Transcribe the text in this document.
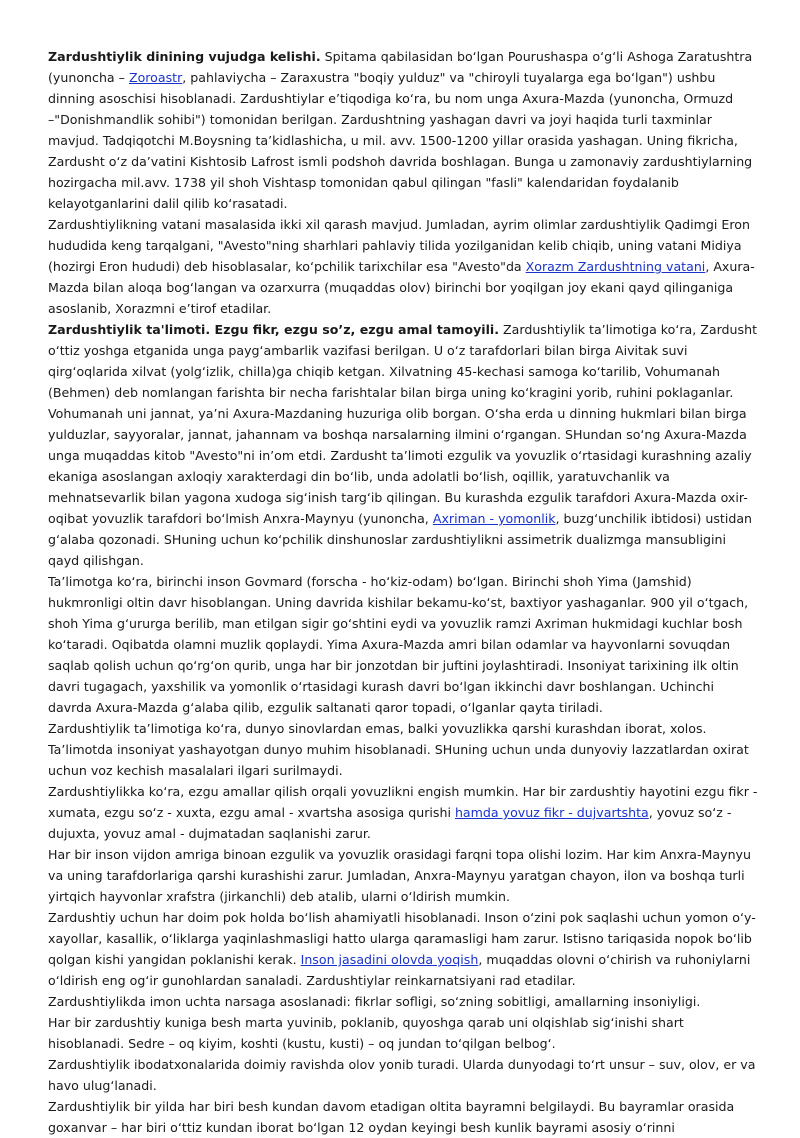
Zardushtiylik dinining vujudga kelishi. Spitama qabilasidan bo‘lgan Pourushaspa o‘g‘li Ashoga Zaratushtra (yunoncha – Zoroastr, pahlaviycha – Zaraxustra "boqiy yulduz" va "chiroyli tuyalarga ega bo‘lgan") ushbu dinning asoschisi hisoblanadi. Zardushtiylar e’tiqodiga ko‘ra, bu nom unga Axura-Mazda (yunoncha, Ormuzd –"Donishmandlik sohibi") tomonidan berilgan. Zardushtning yashagan davri va joyi haqida turli taxminlar mavjud. Tadqiqotchi M.Boysning ta’kidlashicha, u mil. avv. 1500-1200 yillar orasida yashagan. Uning fikricha, Zardusht o‘z da’vatini Kishtosib Lafrost ismli podshoh davrida boshlagan. Bunga u zamonaviy zardushtiylarning hozirgacha mil.avv. 1738 yil shoh Vishtasp tomonidan qabul qilingan "fasli" kalendaridan foydalanib kelayotganlarini dalil qilib ko‘rasatadi.

Zardushtiylikning vatani masalasida ikki xil qarash mavjud. Jumladan, ayrim olimlar zardushtiylik Qadimgi Eron hududida keng tarqalgani, "Avesto"ning sharhlari pahlaviy tilida yozilganidan kelib chiqib, uning vatani Midiya (hozirgi Eron hududi) deb hisoblasalar, ko‘pchilik tarixchilar esa "Avesto"da Xorazm Zardushtning vatani, Axura-Mazda bilan aloqa bog‘langan va ozarxurra (muqaddas olov) birinchi bor yoqilgan joy ekani qayd qilinganiga asoslanib, Xorazmni e’tirof etadilar.

Zardushtiylik ta'limoti. Ezgu fikr, ezgu so’z, ezgu amal tamoyili. Zardushtiylik ta’limotiga ko‘ra, Zardusht o‘ttiz yoshga etganida unga payg‘ambarlik vazifasi berilgan. U o‘z tarafdorlari bilan birga Aivitak suvi qirg‘oqlarida xilvat (yolg‘izlik, chilla)ga chiqib ketgan. Xilvatning 45-kechasi samoga ko‘tarilib, Vohumanah (Behmen) deb nomlangan farishta bir necha farishtalar bilan birga uning ko‘kragini yorib, ruhini poklaganlar. Vohumanah uni jannat, ya’ni Axura-Mazdaning huzuriga olib borgan. O‘sha erda u dinning hukmlari bilan birga yulduzlar, sayyoralar, jannat, jahannam va boshqa narsalarning ilmini o‘rgangan. SHundan so‘ng Axura-Mazda unga muqaddas kitob "Avesto"ni in’om etdi. Zardusht ta’limoti ezgulik va yovuzlik o‘rtasidagi kurashning azaliy ekaniga asoslangan axloqiy xarakterdagi din bo‘lib, unda adolatli bo‘lish, oqillik, yaratuvchanlik va mehnatsevarlik bilan yagona xudoga sig‘inish targ‘ib qilingan. Bu kurashda ezgulik tarafdori Axura-Mazda oxir-oqibat yovuzlik tarafdori bo‘lmish Anxra-Maynyu (yunoncha, Axriman - yomonlik, buzg‘unchilik ibtidosi) ustidan g‘alaba qozonadi. SHuning uchun ko‘pchilik dinshunoslar zardushtiylikni assimetrik dualizmga mansubligini qayd qilishgan.

Ta’limotga ko‘ra, birinchi inson Govmard (forscha - ho‘kiz-odam) bo‘lgan. Birinchi shoh Yima (Jamshid) hukmronligi oltin davr hisoblangan. Uning davrida kishilar bekamu-ko‘st, baxtiyor yashaganlar. 900 yil o‘tgach, shoh Yima g‘ururga berilib, man etilgan sigir go‘shtini eydi va yovuzlik ramzi Axriman hukmidagi kuchlar bosh ko‘taradi. Oqibatda olamni muzlik qoplaydi. Yima Axura-Mazda amri bilan odamlar va hayvonlarni sovuqdan saqlab qolish uchun qo‘rg‘on qurib, unga har bir jonzotdan bir juftini joylashtiradi. Insoniyat tarixining ilk oltin davri tugagach, yaxshilik va yomonlik o‘rtasidagi kurash davri bo‘lgan ikkinchi davr boshlangan. Uchinchi davrda Axura-Mazda g‘alaba qilib, ezgulik saltanati qaror topadi, o‘lganlar qayta tiriladi.

Zardushtiylik ta’limotiga ko‘ra, dunyo sinovlardan emas, balki yovuzlikka qarshi kurashdan iborat, xolos. Ta’limotda insoniyat yashayotgan dunyo muhim hisoblanadi. SHuning uchun unda dunyoviy lazzatlardan oxirat uchun voz kechish masalalari ilgari surilmaydi.

Zardushtiylikka ko‘ra, ezgu amallar qilish orqali yovuzlikni engish mumkin. Har bir zardushtiy hayotini ezgu fikr - xumata, ezgu so‘z - xuxta, ezgu amal - xvartsha asosiga qurishi hamda yovuz fikr - dujvartshta, yovuz so‘z - dujuxta, yovuz amal - dujmatadan saqlanishi zarur.

Har bir inson vijdon amriga binoan ezgulik va yovuzlik orasidagi farqni topa olishi lozim. Har kim Anxra-Maynyu va uning tarafdorlariga qarshi kurashishi zarur. Jumladan, Anxra-Maynyu yaratgan chayon, ilon va boshqa turli yirtqich hayvonlar xrafstra (jirkanchli) deb atalib, ularni o‘ldirish mumkin.

Zardushtiy uchun har doim pok holda bo‘lish ahamiyatli hisoblanadi. Inson o‘zini pok saqlashi uchun yomon o‘y-xayollar, kasallik, o‘liklarga yaqinlashmasligi hatto ularga qaramasligi ham zarur. Istisno tariqasida nopok bo‘lib qolgan kishi yangidan poklanishi kerak. Inson jasadini olovda yoqish, muqaddas olovni o‘chirish va ruhoniylarni o‘ldirish eng og‘ir gunohlardan sanaladi. Zardushtiylar reinkarnatsiyani rad etadilar.

Zardushtiylikda imon uchta narsaga asoslanadi: fikrlar sofligi, so‘zning sobitligi, amallarning insoniyligi.

Har bir zardushtiy kuniga besh marta yuvinib, poklanib, quyoshga qarab uni olqishlab sig‘inishi shart hisoblanadi. Sedre – oq kiyim, koshti (kustu, kusti) – oq jundan to‘qilgan belbog‘.

Zardushtiylik ibodatxonalarida doimiy ravishda olov yonib turadi. Ularda dunyodagi to‘rt unsur – suv, olov, er va havo ulug‘lanadi.

Zardushtiylik bir yilda har biri besh kundan davom etadigan oltita bayramni belgilaydi. Bu bayramlar orasida goxanvar – har biri o‘ttiz kundan iborat bo‘lgan 12 oydan keyingi besh kunlik bayrami asosiy o‘rinni
